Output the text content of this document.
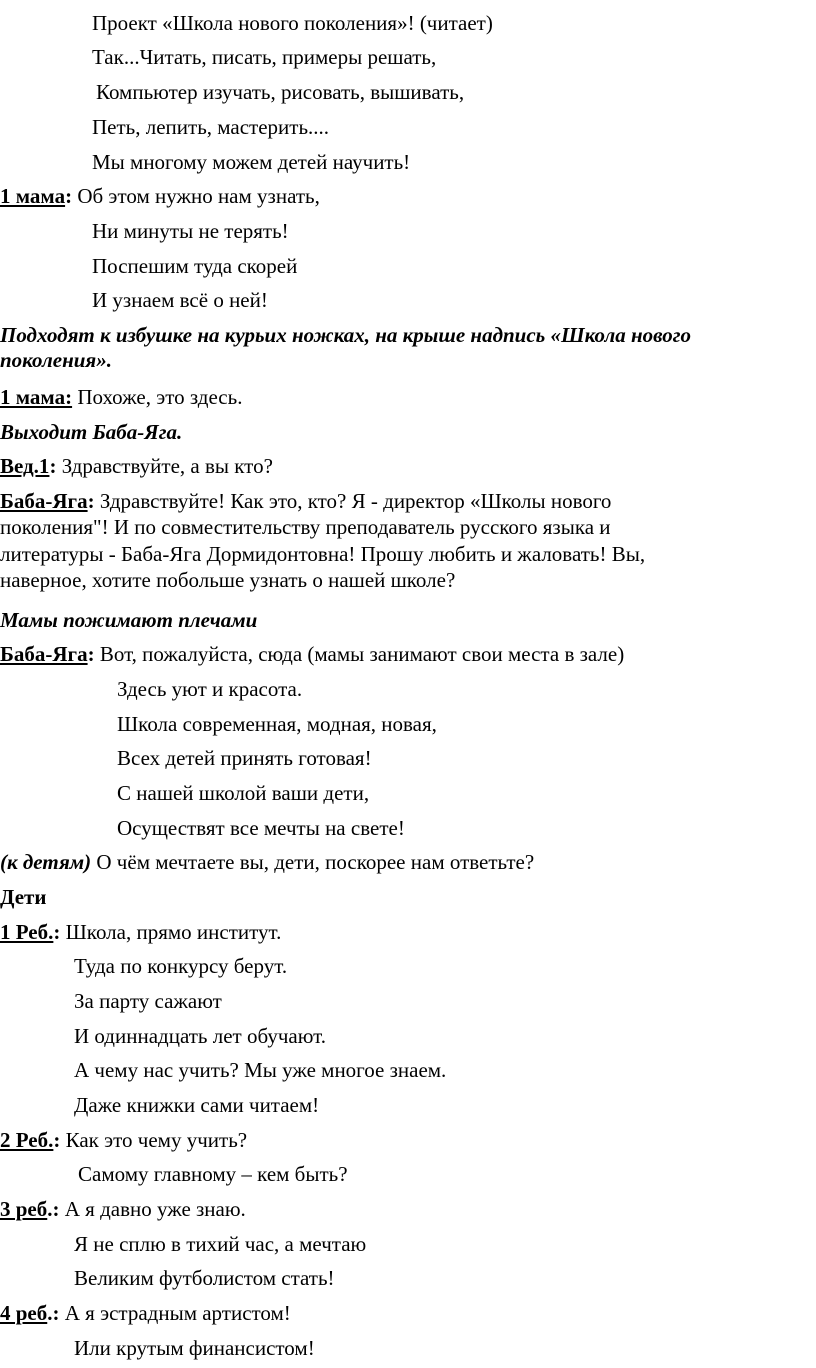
Проект «Школа нового поколения»! (читает)
Так...Читать, писать, примеры решать,
Компьютер изучать, рисовать, вышивать,
Петь, лепить, мастерить....
Мы многому можем детей научить!
1 мама: Об этом нужно нам узнать,
Ни минуты не терять!
Поспешим туда скорей
И узнаем всё о ней!
Подходят к избушке на курьих ножках, на крыше надпись «Школа нового
поколения».
1 мама: Похоже, это здесь.
Выходит Баба-Яга.
Вед.1: Здравствуйте, а вы кто?
Баба-Яга: Здравствуйте! Как это, кто? Я - директор «Школы нового
поколения"! И по совместительству преподаватель русского языка и
литературы - Баба-Яга Дормидонтовна! Прошу любить и жаловать! Вы,
наверное, хотите побольше узнать о нашей школе?
Мамы пожимают плечами
Баба-Яга: Вот, пожалуйста, сюда (мамы занимают свои места в зале)
Здесь уют и красота.
Школа современная, модная, новая,
Всех детей принять готовая!
С нашей школой ваши дети,
Осуществят все мечты на свете!
(к детям) О чём мечтаете вы, дети, поскорее нам ответьте?
Дети
1 Реб.: Школа, прямо институт.
Туда по конкурсу берут.
За парту сажают
И одиннадцать лет обучают.
А чему нас учить? Мы уже многое знаем.
Даже книжки сами читаем!
2 Реб.: Как это чему учить?
Самому главному – кем быть?
3 реб.: А я давно уже знаю.
Я не сплю в тихий час, а мечтаю
Великим футболистом стать!
4 реб.: А я эстрадным артистом!
Или крутым финансистом!
